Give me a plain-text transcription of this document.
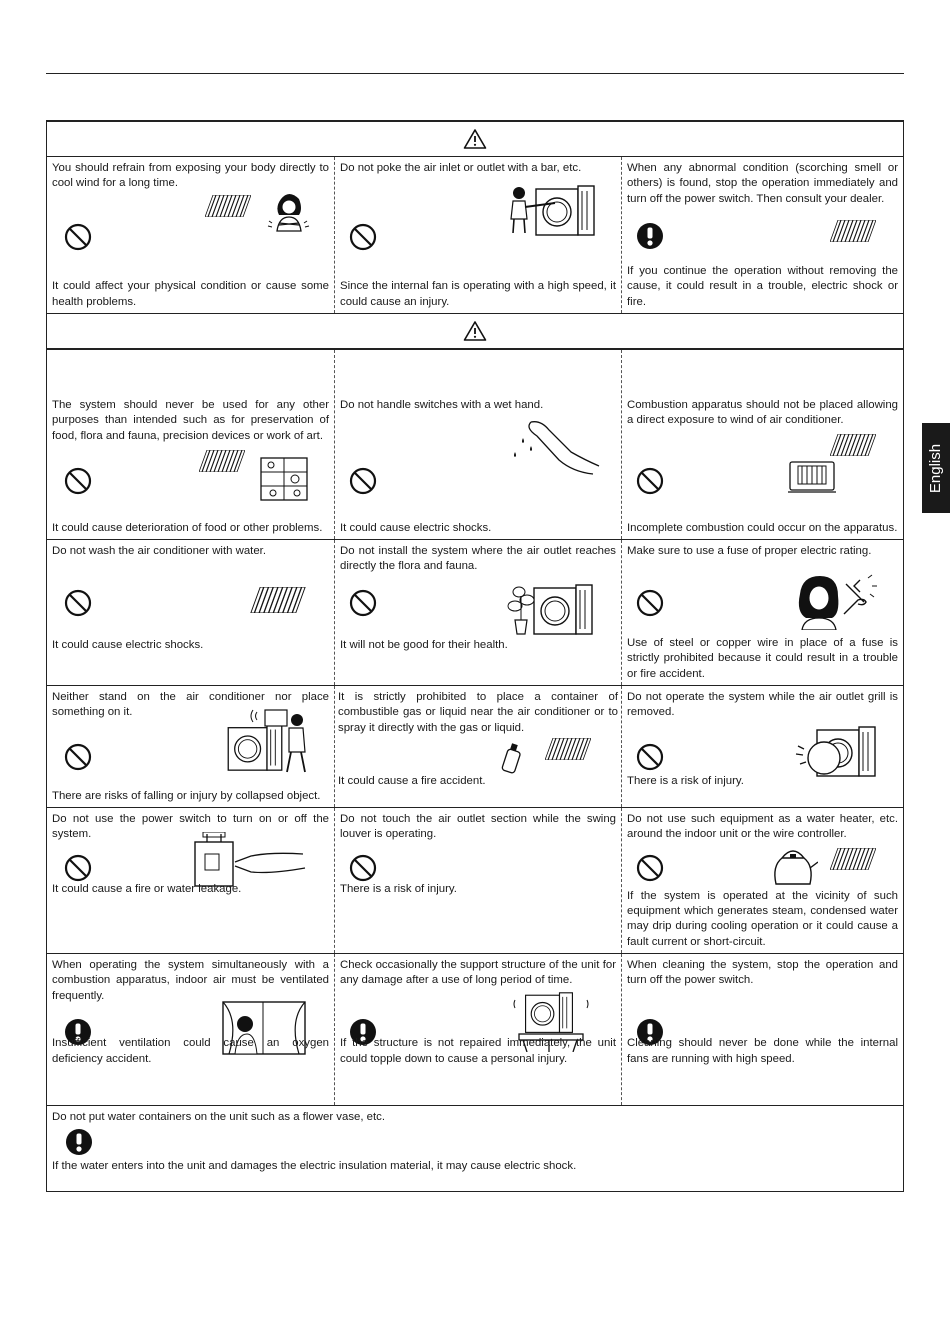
You should refrain from exposing your body directly to cool wind for a long time.

It could affect your physical condition or cause some health problems.

Do not poke the air inlet or outlet with a bar, etc.

Since the internal fan is operating with a high speed, it could cause an injury.

When any abnormal condition (scorching smell or others) is found, stop the operation immediately and turn off the power switch. Then consult your dealer.

If you continue the operation without removing the cause, it could result in a trouble, electric shock or fire.

The system should never be used for any other purposes than intended such as for preservation of food, flora and fauna, precision devices or work of art.

It could cause deterioration of food or other problems.

Do not handle switches with a wet hand.

It could cause electric shocks.

Combustion apparatus should not be placed allowing a direct exposure to wind of air conditioner.

Incomplete combustion could occur on the apparatus.

Do not wash the air conditioner with water.

It could cause electric shocks.

Do not install the system where the air outlet reaches directly the flora and fauna.

It will not be good for their health.

Make sure to use a fuse of proper electric rating.

Use of steel or copper wire in place of a fuse is strictly prohibited because it could result in a trouble or fire accident.

Neither stand on the air conditioner nor place something on it.

There are risks of falling or injury by collapsed object.

It is strictly prohibited to place a container of combustible gas or liquid near the air conditioner or to spray it directly with the gas or liquid.

It could cause a fire accident.

Do not operate the system while the air outlet grill is removed.

There is a risk of injury.

Do not use the power switch to turn on or off the system.

It could cause a fire or water leakage.

Do not touch the air outlet section while the swing louver is operating.

There is a risk of injury.

Do not use such equipment as a water heater, etc. around the indoor unit or the wire controller.

If the system is operated at the vicinity of such equipment which generates steam, condensed water may drip during cooling operation or it could cause a fault current or short-circuit.

When operating the system simultaneously with a combustion apparatus, indoor air must be ventilated frequently.

Insufficient ventilation could cause an oxygen deficiency accident.

Check occasionally the support structure of the unit for any damage after a use of long period of time.

If the structure is not repaired immediately, the unit could topple down to cause a personal injury.

When cleaning the system, stop the operation and turn off the power switch.

Cleaning should never be done while the internal fans are running with high speed.

Do not put water containers on the unit such as a flower vase, etc.

If the water enters into the unit and damages the electric insulation material, it may cause electric shock.

English
